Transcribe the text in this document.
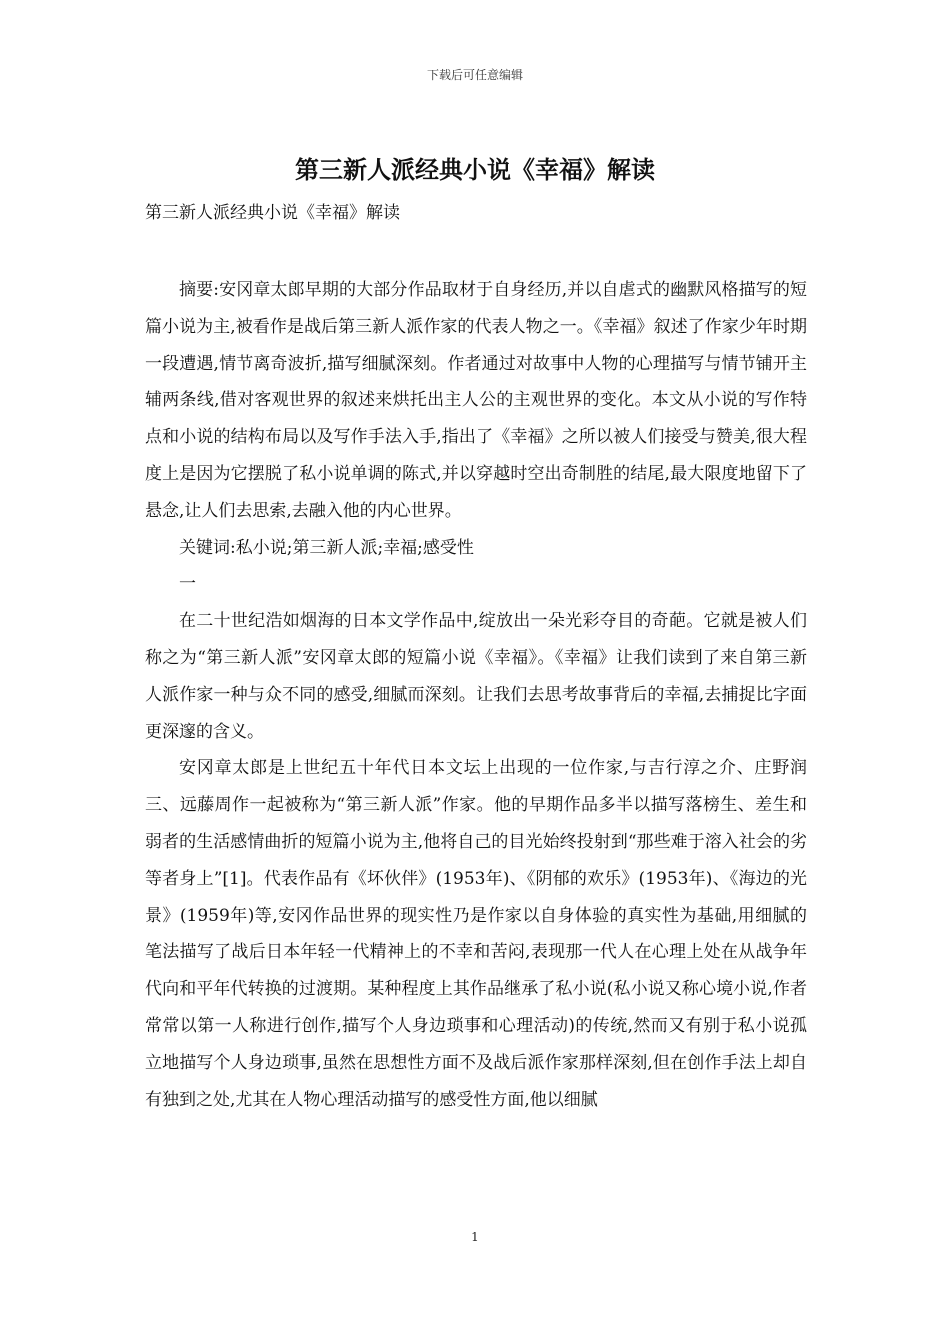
下载后可任意编辑
第三新人派经典小说《幸福》解读

第三新人派经典小说《幸福》解读

摘要:安冈章太郎早期的大部分作品取材于自身经历,并以自虐式的幽默风格描写的短篇小说为主,被看作是战后第三新人派作家的代表人物之一。《幸福》叙述了作家少年时期一段遭遇,情节离奇波折,描写细腻深刻。作者通过对故事中人物的心理描写与情节铺开主辅两条线,借对客观世界的叙述来烘托出主人公的主观世界的变化。本文从小说的写作特点和小说的结构布局以及写作手法入手,指出了《幸福》之所以被人们接受与赞美,很大程度上是因为它摆脱了私小说单调的陈式,并以穿越时空出奇制胜的结尾,最大限度地留下了悬念,让人们去思索,去融入他的内心世界。

关键词:私小说;第三新人派;幸福;感受性

一

在二十世纪浩如烟海的日本文学作品中,绽放出一朵光彩夺目的奇葩。它就是被人们称之为“第三新人派”安冈章太郎的短篇小说《幸福》。《幸福》让我们读到了来自第三新人派作家一种与众不同的感受,细腻而深刻。让我们去思考故事背后的幸福,去捕捉比字面更深邃的含义。

安冈章太郎是上世纪五十年代日本文坛上出现的一位作家,与吉行淳之介、庄野润三、远藤周作一起被称为“第三新人派”作家。他的早期作品多半以描写落榜生、差生和弱者的生活感情曲折的短篇小说为主,他将自己的目光始终投射到“那些难于溶入社会的劣等者身上”[1]。代表作品有《坏伙伴》(1953年)、《阴郁的欢乐》(1953年)、《海边的光景》(1959年)等,安冈作品世界的现实性乃是作家以自身体验的真实性为基础,用细腻的笔法描写了战后日本年轻一代精神上的不幸和苦闷,表现那一代人在心理上处在从战争年代向和平年代转换的过渡期。某种程度上其作品继承了私小说(私小说又称心境小说,作者常常以第一人称进行创作,描写个人身边琐事和心理活动)的传统,然而又有别于私小说孤立地描写个人身边琐事,虽然在思想性方面不及战后派作家那样深刻,但在创作手法上却自有独到之处,尤其在人物心理活动描写的感受性方面,他以细腻

1
